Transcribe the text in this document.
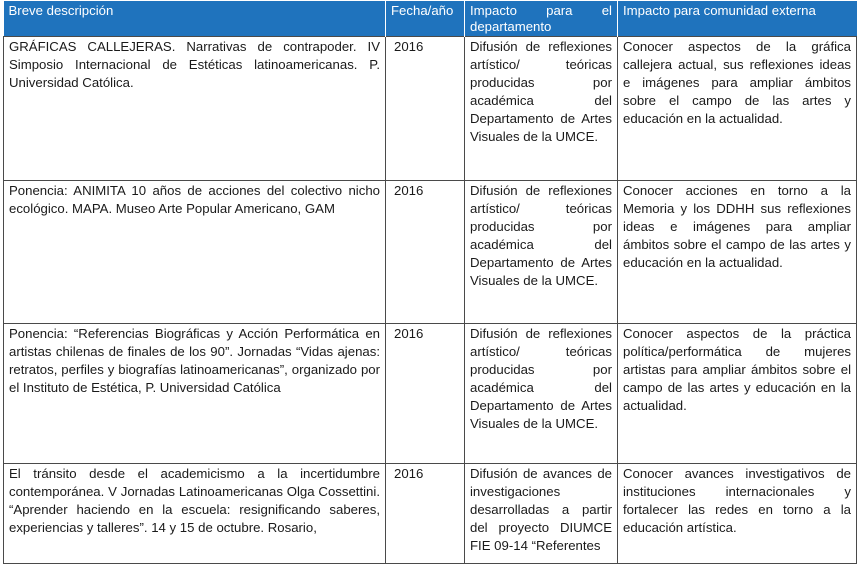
Breve descripción	Fecha/año	Impacto para el departamento	Impacto para comunidad externa
GRÁFICAS CALLEJERAS. Narrativas de contrapoder. IV Simposio Internacional de Estéticas latinoamericanas. P. Universidad Católica.	2016	Difusión de reflexiones artístico/ teóricas producidas por académica del Departamento de Artes Visuales de la UMCE.	Conocer aspectos de la gráfica callejera actual, sus reflexiones ideas e imágenes para ampliar ámbitos sobre el campo de las artes y educación en la actualidad.
Ponencia: ANIMITA 10 años de acciones del colectivo nicho ecológico. MAPA. Museo Arte Popular Americano, GAM	2016	Difusión de reflexiones artístico/ teóricas producidas por académica del Departamento de Artes Visuales de la UMCE.	Conocer acciones en torno a la Memoria y los DDHH sus reflexiones ideas e imágenes para ampliar ámbitos sobre el campo de las artes y educación en la actualidad.
Ponencia: “Referencias Biográficas y Acción Performática en artistas chilenas de finales de los 90”. Jornadas “Vidas ajenas: retratos, perfiles y biografías latinoamericanas”, organizado por el Instituto de Estética, P. Universidad Católica	2016	Difusión de reflexiones artístico/ teóricas producidas por académica del Departamento de Artes Visuales de la UMCE.	Conocer aspectos de la práctica política/performática de mujeres artistas para ampliar ámbitos sobre el campo de las artes y educación en la actualidad.
El tránsito desde el academicismo a la incertidumbre contemporánea. V Jornadas Latinoamericanas Olga Cossettini. “Aprender haciendo en la escuela: resignificando saberes, experiencias y talleres”. 14 y 15 de octubre. Rosario,	2016	Difusión de avances de investigaciones desarrolladas a partir del proyecto DIUMCE FIE 09-14 “Referentes	Conocer avances investigativos de instituciones internacionales y fortalecer las redes en torno a la educación artística.
